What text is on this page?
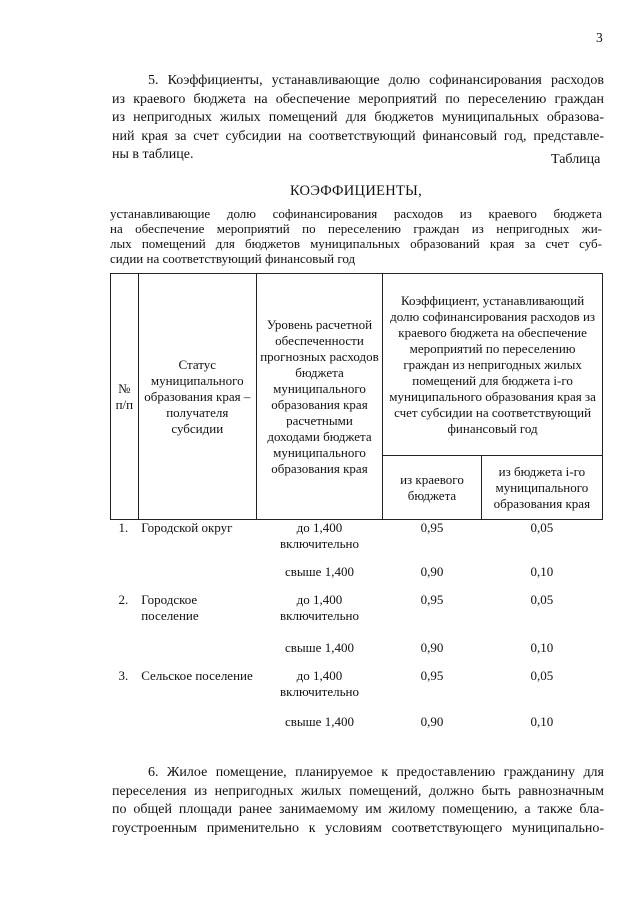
3
5. Коэффициенты, устанавливающие долю софинансирования расходов
из краевого бюджета на обеспечение мероприятий по переселению граждан
из непригодных жилых помещений для бюджетов муниципальных образова-
ний края за счет субсидии на соответствующий финансовый год, представле-
ны в таблице.	Таблица
КОЭФФИЦИЕНТЫ,
устанавливающие долю софинансирования расходов из краевого бюджета
на обеспечение мероприятий по переселению граждан из непригодных жи-
лых помещений для бюджетов муниципальных образований края за счет суб-
сидии на соответствующий финансовый год
№ п/п	Статус муниципального образования края – получателя субсидии	Уровень расчетной обеспеченности прогнозных расходов бюджета муниципального образования края расчетными доходами бюджета муниципального образования края	Коэффициент, устанавливающий долю софинансирования расходов из краевого бюджета на обеспечение мероприятий по переселению граждан из непригодных жилых помещений для бюджета i-го муниципального образования края за счет субсидии на соответствующий финансовый год	
			из краевого бюджета	из бюджета i-го муниципального образования края
1.	Городской округ	до 1,400 включительно	0,95	0,05
		свыше 1,400	0,90	0,10
2.	Городское поселение	до 1,400 включительно	0,95	0,05
		свыше 1,400	0,90	0,10
3.	Сельское поселение	до 1,400 включительно	0,95	0,05
		свыше 1,400	0,90	0,10
6. Жилое помещение, планируемое к предоставлению гражданину для
переселения из непригодных жилых помещений, должно быть равнозначным
по общей площади ранее занимаемому им жилому помещению, а также бла-
гоустроенным применительно к условиям соответствующего муниципально-
